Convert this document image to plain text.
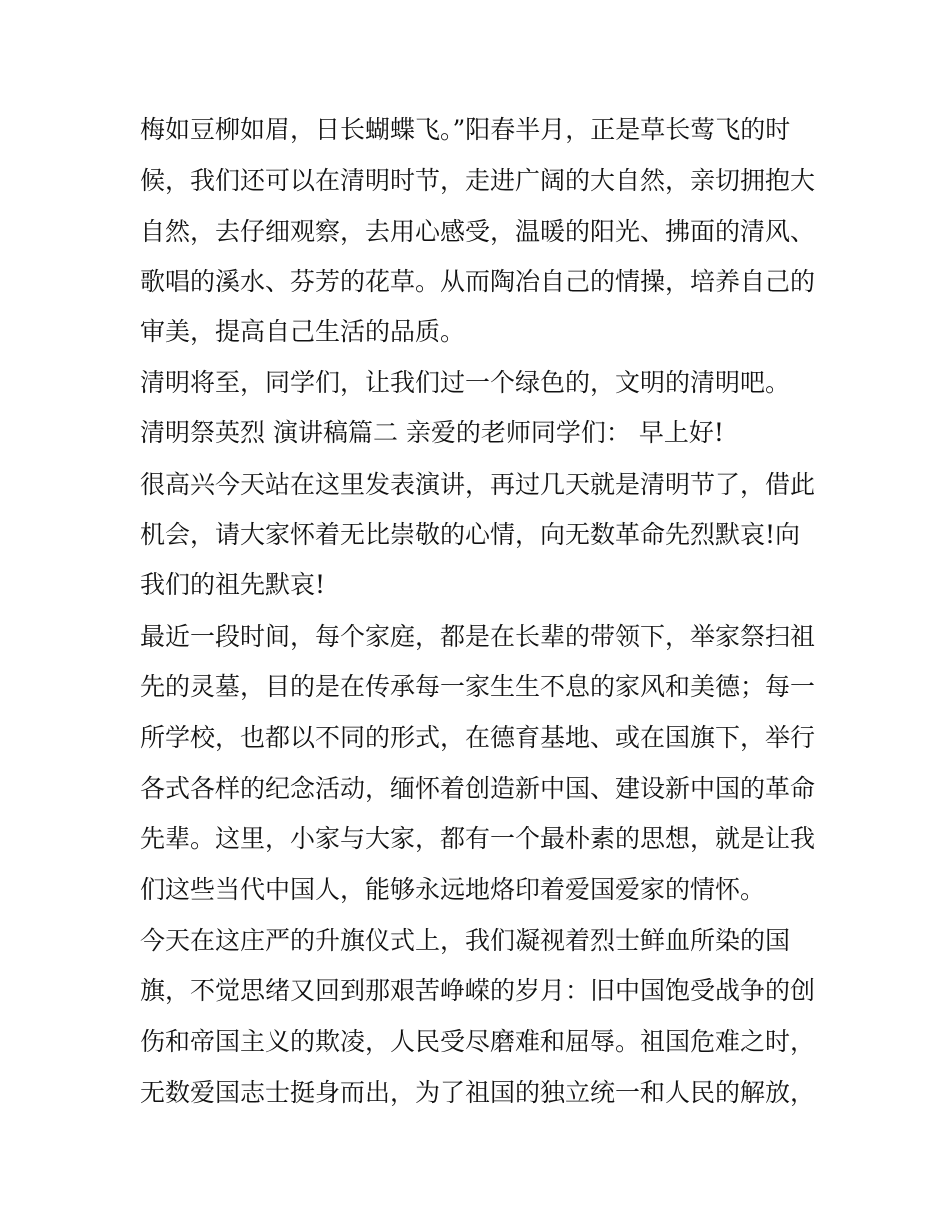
梅如豆柳如眉，日长蝴蝶飞。”阳春半月，正是草长莺飞的时

候，我们还可以在清明时节，走进广阔的大自然，亲切拥抱大

自然，去仔细观察，去用心感受，温暖的阳光、拂面的清风、

歌唱的溪水、芬芳的花草。从而陶冶自己的情操，培养自己的

审美，提高自己生活的品质。

清明将至，同学们，让我们过一个绿色的，文明的清明吧。

清明祭英烈 演讲稿篇二 亲爱的老师同学们： 早上好!

很高兴今天站在这里发表演讲，再过几天就是清明节了，借此

机会，请大家怀着无比崇敬的心情，向无数革命先烈默哀!向

我们的祖先默哀!

最近一段时间，每个家庭，都是在长辈的带领下，举家祭扫祖

先的灵墓，目的是在传承每一家生生不息的家风和美德；每一

所学校，也都以不同的形式，在德育基地、或在国旗下，举行

各式各样的纪念活动，缅怀着创造新中国、建设新中国的革命

先辈。这里，小家与大家，都有一个最朴素的思想，就是让我

们这些当代中国人，能够永远地烙印着爱国爱家的情怀。

今天在这庄严的升旗仪式上，我们凝视着烈士鲜血所染的国

旗，不觉思绪又回到那艰苦峥嵘的岁月：旧中国饱受战争的创

伤和帝国主义的欺凌，人民受尽磨难和屈辱。祖国危难之时，

无数爱国志士挺身而出，为了祖国的独立统一和人民的解放，
